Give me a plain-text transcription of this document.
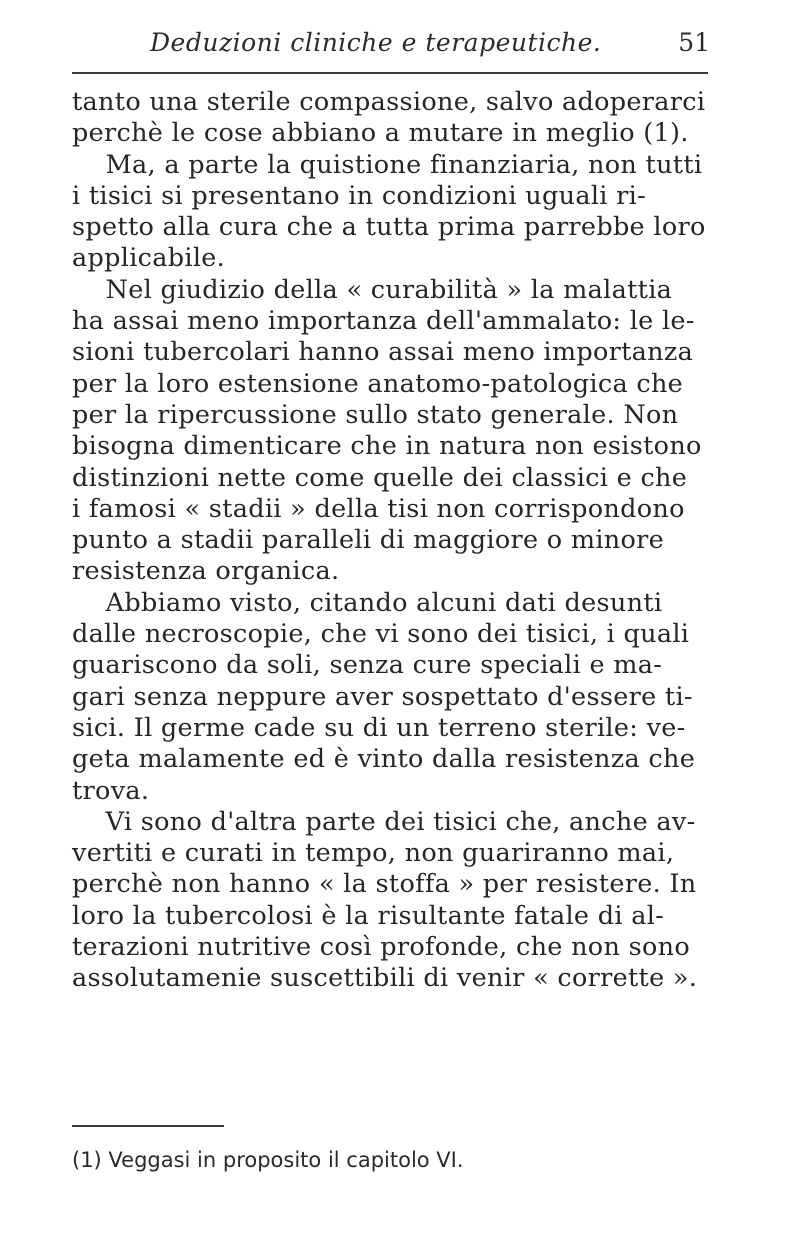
Deduzioni cliniche e terapeutiche.	51
tanto una sterile compassione, salvo adoperarci
perchè le cose abbiano a mutare in meglio (1).
Ma, a parte la quistione finanziaria, non tutti
i tisici si presentano in condizioni uguali ri-
spetto alla cura che a tutta prima parrebbe loro
applicabile.
Nel giudizio della « curabilità » la malattia
ha assai meno importanza dell'ammalato: le le-
sioni tubercolari hanno assai meno importanza
per la loro estensione anatomo-patologica che
per la ripercussione sullo stato generale. Non
bisogna dimenticare che in natura non esistono
distinzioni nette come quelle dei classici e che
i famosi « stadii » della tisi non corrispondono
punto a stadii paralleli di maggiore o minore
resistenza organica.
Abbiamo visto, citando alcuni dati desunti
dalle necroscopie, che vi sono dei tisici, i quali
guariscono da soli, senza cure speciali e ma-
gari senza neppure aver sospettato d'essere ti-
sici. Il germe cade su di un terreno sterile: ve-
geta malamente ed è vinto dalla resistenza che
trova.
Vi sono d'altra parte dei tisici che, anche av-
vertiti e curati in tempo, non guariranno mai,
perchè non hanno « la stoffa » per resistere. In
loro la tubercolosi è la risultante fatale di al-
terazioni nutritive così profonde, che non sono
assolutamenie suscettibili di venir « corrette ».
(1) Veggasi in proposito il capitolo VI.
